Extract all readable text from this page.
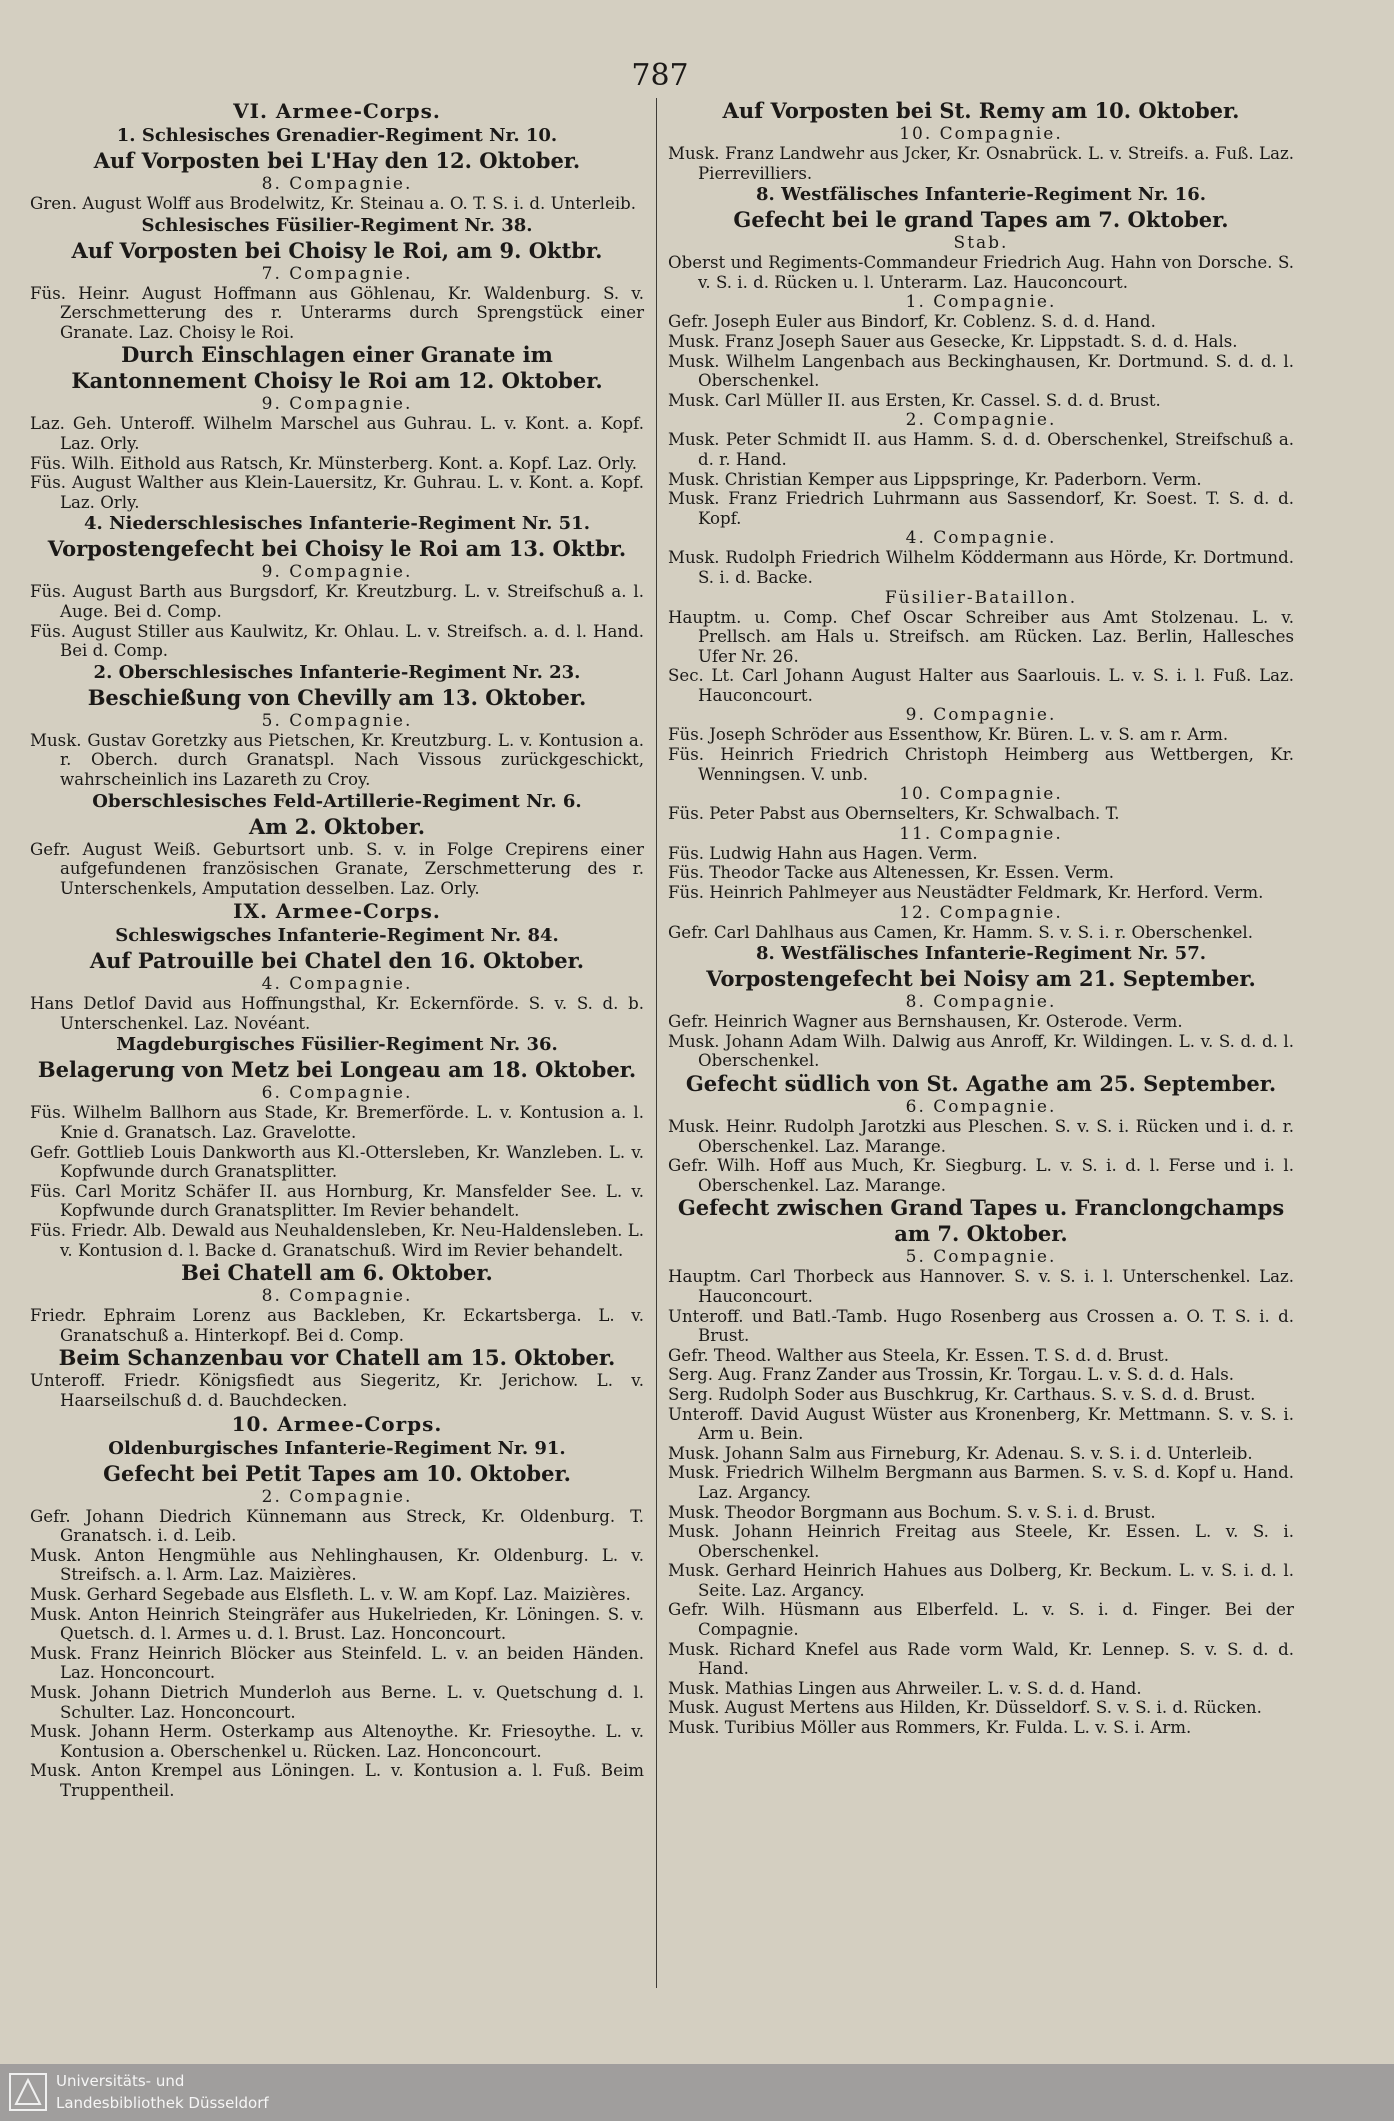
787
VI. Armee-Corps.
1. Schlesisches Grenadier-Regiment Nr. 10.
Auf Vorposten bei L'Hay den 12. Oktober.
8. Compagnie.
Gren. August Wolff aus Brodelwitz, Kr. Steinau a. O. T. S. i. d. Unterleib.
Schlesisches Füsilier-Regiment Nr. 38.
Auf Vorposten bei Choisy le Roi, am 9. Oktbr.
7. Compagnie.
Füs. Heinr. August Hoffmann aus Göhlenau, Kr. Waldenburg. S. v. Zerschmetterung des r. Unterarms durch Sprengstück einer Granate. Laz. Choisy le Roi.
Durch Einschlagen einer Granate im Kantonnement Choisy le Roi am 12. Oktober.
9. Compagnie.
Laz. Geh. Unteroff. Wilhelm Marschel aus Guhrau. L. v. Kont. a. Kopf. Laz. Orly.
Füs. Wilh. Eithold aus Ratsch, Kr. Münsterberg. Kont. a. Kopf. Laz. Orly.
Füs. August Walther aus Klein-Lauersitz, Kr. Guhrau. L. v. Kont. a. Kopf. Laz. Orly.
4. Niederschlesisches Infanterie-Regiment Nr. 51.
Vorpostengefecht bei Choisy le Roi am 13. Oktbr.
9. Compagnie.
Füs. August Barth aus Burgsdorf, Kr. Kreutzburg. L. v. Streifschuß a. l. Auge. Bei d. Comp.
Füs. August Stiller aus Kaulwitz, Kr. Ohlau. L. v. Streifsch. a. d. l. Hand. Bei d. Comp.
2. Oberschlesisches Infanterie-Regiment Nr. 23.
Beschießung von Chevilly am 13. Oktober.
5. Compagnie.
Musk. Gustav Goretzky aus Pietschen, Kr. Kreutzburg. L. v. Kontusion a. r. Oberch. durch Granatspl. Nach Vissous zurückgeschickt, wahrscheinlich ins Lazareth zu Croy.
Oberschlesisches Feld-Artillerie-Regiment Nr. 6.
Am 2. Oktober.
Gefr. August Weiß. Geburtsort unb. S. v. in Folge Crepirens einer aufgefundenen französischen Granate, Zerschmetterung des r. Unterschenkels, Amputation desselben. Laz. Orly.
IX. Armee-Corps.
Schleswigsches Infanterie-Regiment Nr. 84.
Auf Patrouille bei Chatel den 16. Oktober.
4. Compagnie.
Hans Detlof David aus Hoffnungsthal, Kr. Eckernförde. S. v. S. d. b. Unterschenkel. Laz. Novéant.
Magdeburgisches Füsilier-Regiment Nr. 36.
Belagerung von Metz bei Longeau am 18. Oktober.
6. Compagnie.
Füs. Wilhelm Ballhorn aus Stade, Kr. Bremerförde. L. v. Kontusion a. l. Knie d. Granatsch. Laz. Gravelotte.
Gefr. Gottlieb Louis Dankworth aus Kl.-Ottersleben, Kr. Wanzleben. L. v. Kopfwunde durch Granatsplitter.
Füs. Carl Moritz Schäfer II. aus Hornburg, Kr. Mansfelder See. L. v. Kopfwunde durch Granatsplitter. Im Revier behandelt.
Füs. Friedr. Alb. Dewald aus Neuhaldensleben, Kr. Neu-Haldensleben. L. v. Kontusion d. l. Backe d. Granatschuß. Wird im Revier behandelt.
Bei Chatell am 6. Oktober.
8. Compagnie.
Friedr. Ephraim Lorenz aus Backleben, Kr. Eckartsberga. L. v. Granatschuß a. Hinterkopf. Bei d. Comp.
Beim Schanzenbau vor Chatell am 15. Oktober.
Unteroff. Friedr. Königsfiedt aus Siegeritz, Kr. Jerichow. L. v. Haarseilschuß d. d. Bauchdecken.
10. Armee-Corps.
Oldenburgisches Infanterie-Regiment Nr. 91.
Gefecht bei Petit Tapes am 10. Oktober.
2. Compagnie.
Gefr. Johann Diedrich Künnemann aus Streck, Kr. Oldenburg. T. Granatsch. i. d. Leib.
Musk. Anton Hengmühle aus Nehlinghausen, Kr. Oldenburg. L. v. Streifsch. a. l. Arm. Laz. Maizières.
Musk. Gerhard Segebade aus Elsfleth. L. v. W. am Kopf. Laz. Maizières.
Musk. Anton Heinrich Steingräfer aus Hukelrieden, Kr. Löningen. S. v. Quetsch. d. l. Armes u. d. l. Brust. Laz. Honconcourt.
Musk. Franz Heinrich Blöcker aus Steinfeld. L. v. an beiden Händen. Laz. Honconcourt.
Musk. Johann Dietrich Munderloh aus Berne. L. v. Quetschung d. l. Schulter. Laz. Honconcourt.
Musk. Johann Herm. Osterkamp aus Altenoythe. Kr. Friesoythe. L. v. Kontusion a. Oberschenkel u. Rücken. Laz. Honconcourt.
Musk. Anton Krempel aus Löningen. L. v. Kontusion a. l. Fuß. Beim Truppentheil.
Auf Vorposten bei St. Remy am 10. Oktober.
10. Compagnie.
Musk. Franz Landwehr aus Jcker, Kr. Osnabrück. L. v. Streifs. a. Fuß. Laz. Pierrevilliers.
8. Westfälisches Infanterie-Regiment Nr. 16.
Gefecht bei le grand Tapes am 7. Oktober.
Stab.
Oberst und Regiments-Commandeur Friedrich Aug. Hahn von Dorsche. S. v. S. i. d. Rücken u. l. Unterarm. Laz. Hauconcourt.
1. Compagnie.
Gefr. Joseph Euler aus Bindorf, Kr. Coblenz. S. d. d. Hand.
Musk. Franz Joseph Sauer aus Gesecke, Kr. Lippstadt. S. d. d. Hals.
Musk. Wilhelm Langenbach aus Beckinghausen, Kr. Dortmund. S. d. d. l. Oberschenkel.
Musk. Carl Müller II. aus Ersten, Kr. Cassel. S. d. d. Brust.
2. Compagnie.
Musk. Peter Schmidt II. aus Hamm. S. d. d. Oberschenkel, Streifschuß a. d. r. Hand.
Musk. Christian Kemper aus Lippspringe, Kr. Paderborn. Verm.
Musk. Franz Friedrich Luhrmann aus Sassendorf, Kr. Soest. T. S. d. d. Kopf.
4. Compagnie.
Musk. Rudolph Friedrich Wilhelm Köddermann aus Hörde, Kr. Dortmund. S. i. d. Backe.
Füsilier-Bataillon.
Hauptm. u. Comp. Chef Oscar Schreiber aus Amt Stolzenau. L. v. Prellsch. am Hals u. Streifsch. am Rücken. Laz. Berlin, Hallesches Ufer Nr. 26.
Sec. Lt. Carl Johann August Halter aus Saarlouis. L. v. S. i. l. Fuß. Laz. Hauconcourt.
9. Compagnie.
Füs. Joseph Schröder aus Essenthow, Kr. Büren. L. v. S. am r. Arm.
Füs. Heinrich Friedrich Christoph Heimberg aus Wettbergen, Kr. Wenningsen. V. unb.
10. Compagnie.
Füs. Peter Pabst aus Obernselters, Kr. Schwalbach. T.
11. Compagnie.
Füs. Ludwig Hahn aus Hagen. Verm.
Füs. Theodor Tacke aus Altenessen, Kr. Essen. Verm.
Füs. Heinrich Pahlmeyer aus Neustädter Feldmark, Kr. Herford. Verm.
12. Compagnie.
Gefr. Carl Dahlhaus aus Camen, Kr. Hamm. S. v. S. i. r. Oberschenkel.
8. Westfälisches Infanterie-Regiment Nr. 57.
Vorpostengefecht bei Noisy am 21. September.
8. Compagnie.
Gefr. Heinrich Wagner aus Bernshausen, Kr. Osterode. Verm.
Musk. Johann Adam Wilh. Dalwig aus Anroff, Kr. Wildingen. L. v. S. d. d. l. Oberschenkel.
Gefecht südlich von St. Agathe am 25. September.
6. Compagnie.
Musk. Heinr. Rudolph Jarotzki aus Pleschen. S. v. S. i. Rücken und i. d. r. Oberschenkel. Laz. Marange.
Gefr. Wilh. Hoff aus Much, Kr. Siegburg. L. v. S. i. d. l. Ferse und i. l. Oberschenkel. Laz. Marange.
Gefecht zwischen Grand Tapes u. Franclongchamps am 7. Oktober.
5. Compagnie.
Hauptm. Carl Thorbeck aus Hannover. S. v. S. i. l. Unterschenkel. Laz. Hauconcourt.
Unteroff. und Batl.-Tamb. Hugo Rosenberg aus Crossen a. O. T. S. i. d. Brust.
Gefr. Theod. Walther aus Steela, Kr. Essen. T. S. d. d. Brust.
Serg. Aug. Franz Zander aus Trossin, Kr. Torgau. L. v. S. d. d. Hals.
Serg. Rudolph Soder aus Buschkrug, Kr. Carthaus. S. v. S. d. d. Brust.
Unteroff. David August Wüster aus Kronenberg, Kr. Mettmann. S. v. S. i. Arm u. Bein.
Musk. Johann Salm aus Firneburg, Kr. Adenau. S. v. S. i. d. Unterleib.
Musk. Friedrich Wilhelm Bergmann aus Barmen. S. v. S. d. Kopf u. Hand. Laz. Argancy.
Musk. Theodor Borgmann aus Bochum. S. v. S. i. d. Brust.
Musk. Johann Heinrich Freitag aus Steele, Kr. Essen. L. v. S. i. Oberschenkel.
Musk. Gerhard Heinrich Hahues aus Dolberg, Kr. Beckum. L. v. S. i. d. l. Seite. Laz. Argancy.
Gefr. Wilh. Hüsmann aus Elberfeld. L. v. S. i. d. Finger. Bei der Compagnie.
Musk. Richard Knefel aus Rade vorm Wald, Kr. Lennep. S. v. S. d. d. Hand.
Musk. Mathias Lingen aus Ahrweiler. L. v. S. d. d. Hand.
Musk. August Mertens aus Hilden, Kr. Düsseldorf. S. v. S. i. d. Rücken.
Musk. Turibius Möller aus Rommers, Kr. Fulda. L. v. S. i. Arm.
Universitäts- und
Landesbibliothek Düsseldorf
